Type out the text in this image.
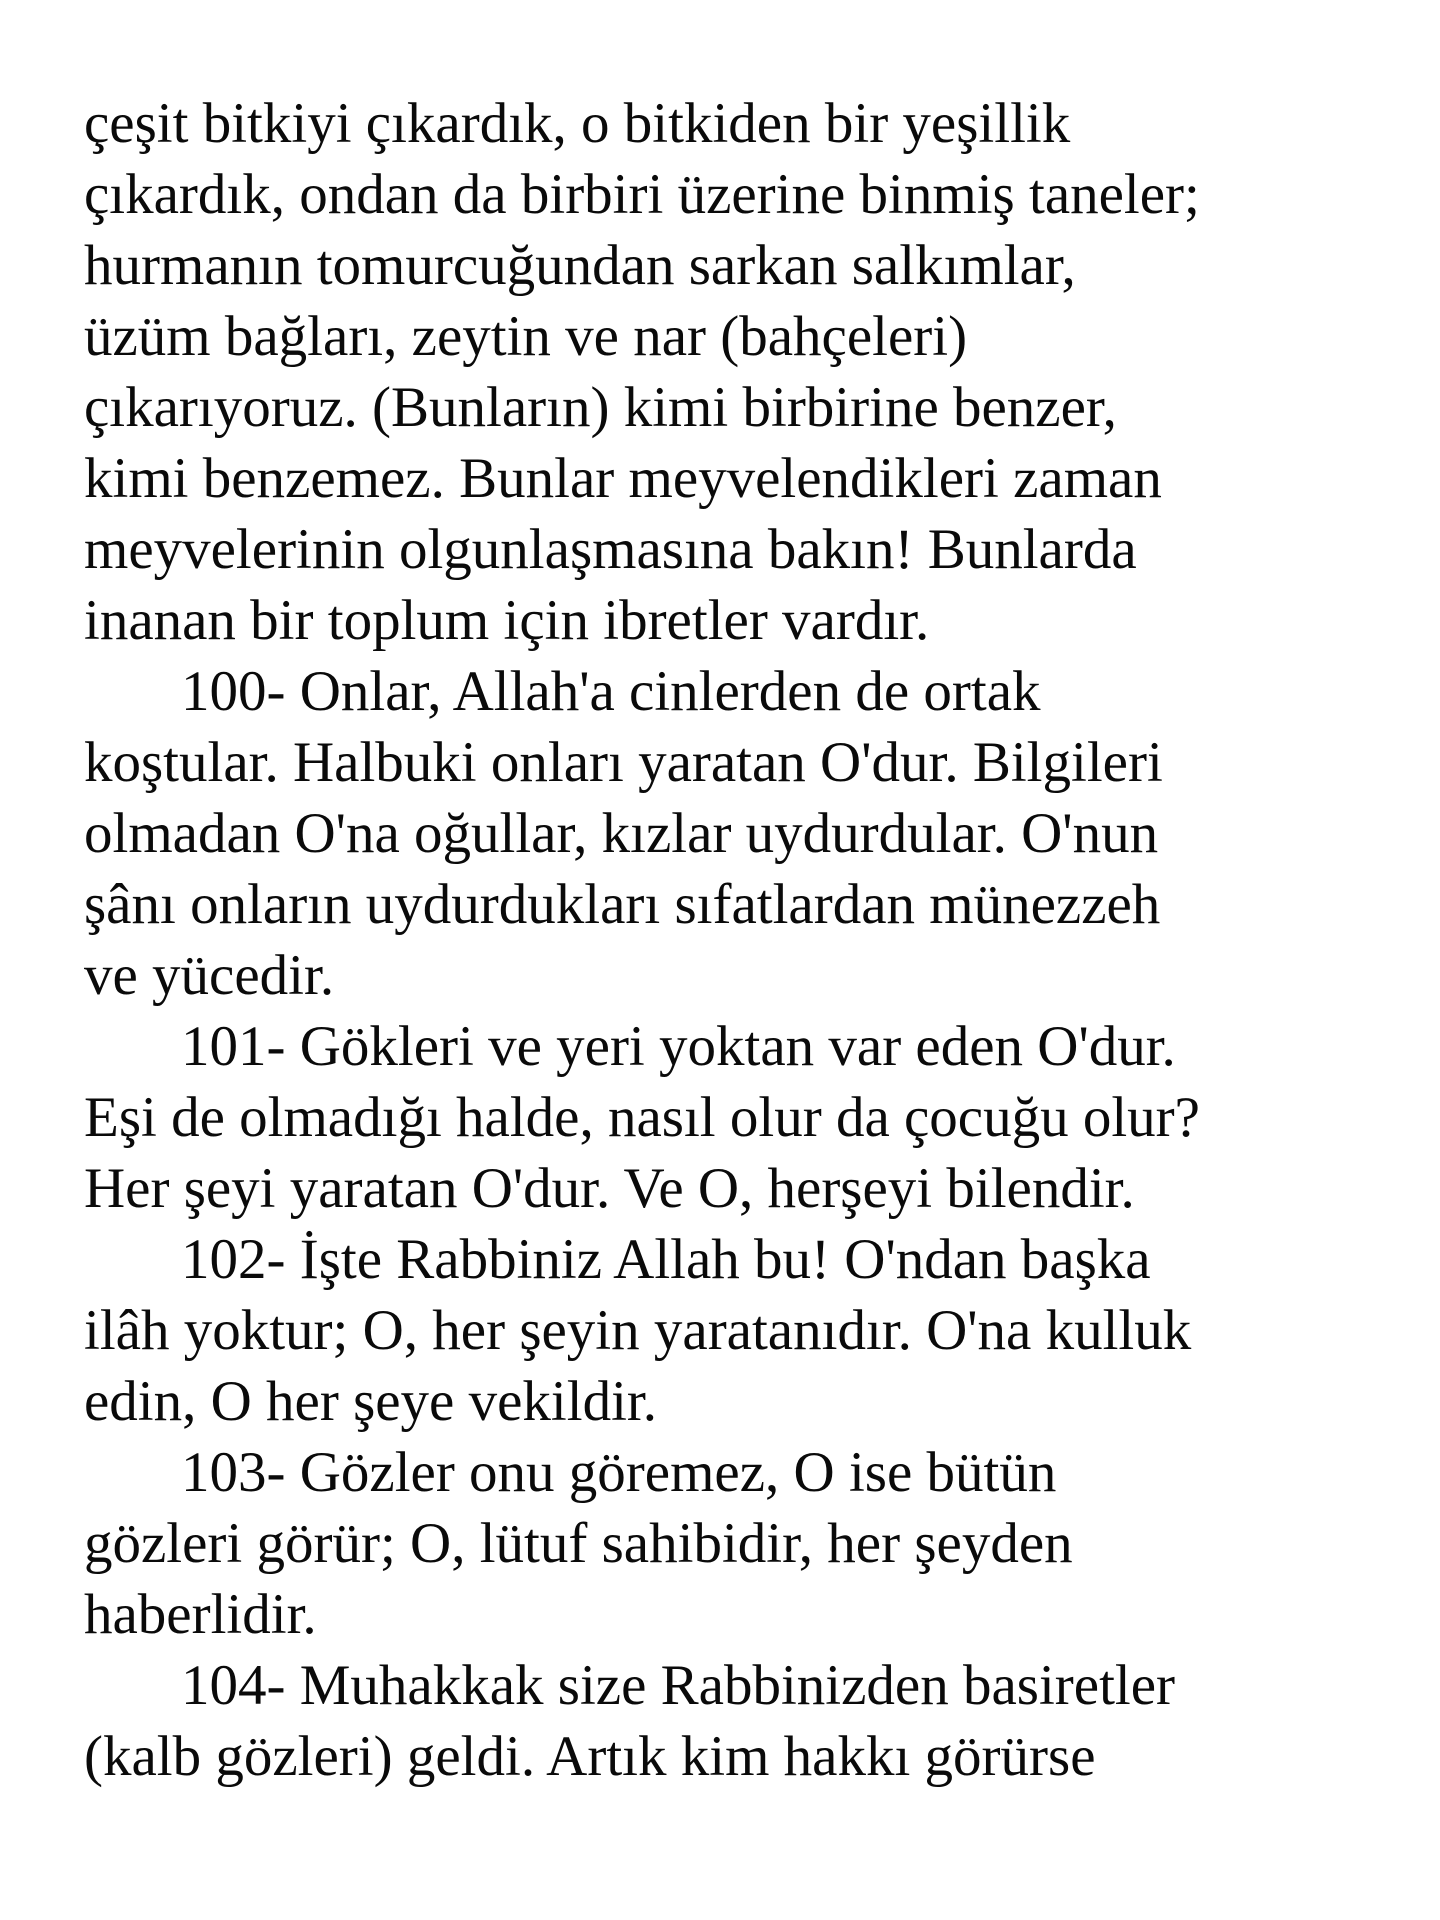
çeşit bitkiyi çıkardık, o bitkiden bir yeşillik
çıkardık, ondan da birbiri üzerine binmiş taneler;
hurmanın tomurcuğundan sarkan salkımlar,
üzüm bağları, zeytin ve nar (bahçeleri)
çıkarıyoruz. (Bunların) kimi birbirine benzer,
kimi benzemez. Bunlar meyvelendikleri zaman
meyvelerinin olgunlaşmasına bakın! Bunlarda
inanan bir toplum için ibretler vardır.
100- Onlar, Allah'a cinlerden de ortak
koştular. Halbuki onları yaratan O'dur. Bilgileri
olmadan O'na oğullar, kızlar uydurdular. O'nun
şânı onların uydurdukları sıfatlardan münezzeh
ve yücedir.
101- Gökleri ve yeri yoktan var eden O'dur.
Eşi de olmadığı halde, nasıl olur da çocuğu olur?
Her şeyi yaratan O'dur. Ve O, herşeyi bilendir.
102- İşte Rabbiniz Allah bu! O'ndan başka
ilâh yoktur; O, her şeyin yaratanıdır. O'na kulluk
edin, O her şeye vekildir.
103- Gözler onu göremez, O ise bütün
gözleri görür; O, lütuf sahibidir, her şeyden
haberlidir.
104- Muhakkak size Rabbinizden basiretler
(kalb gözleri) geldi. Artık kim hakkı görürse
